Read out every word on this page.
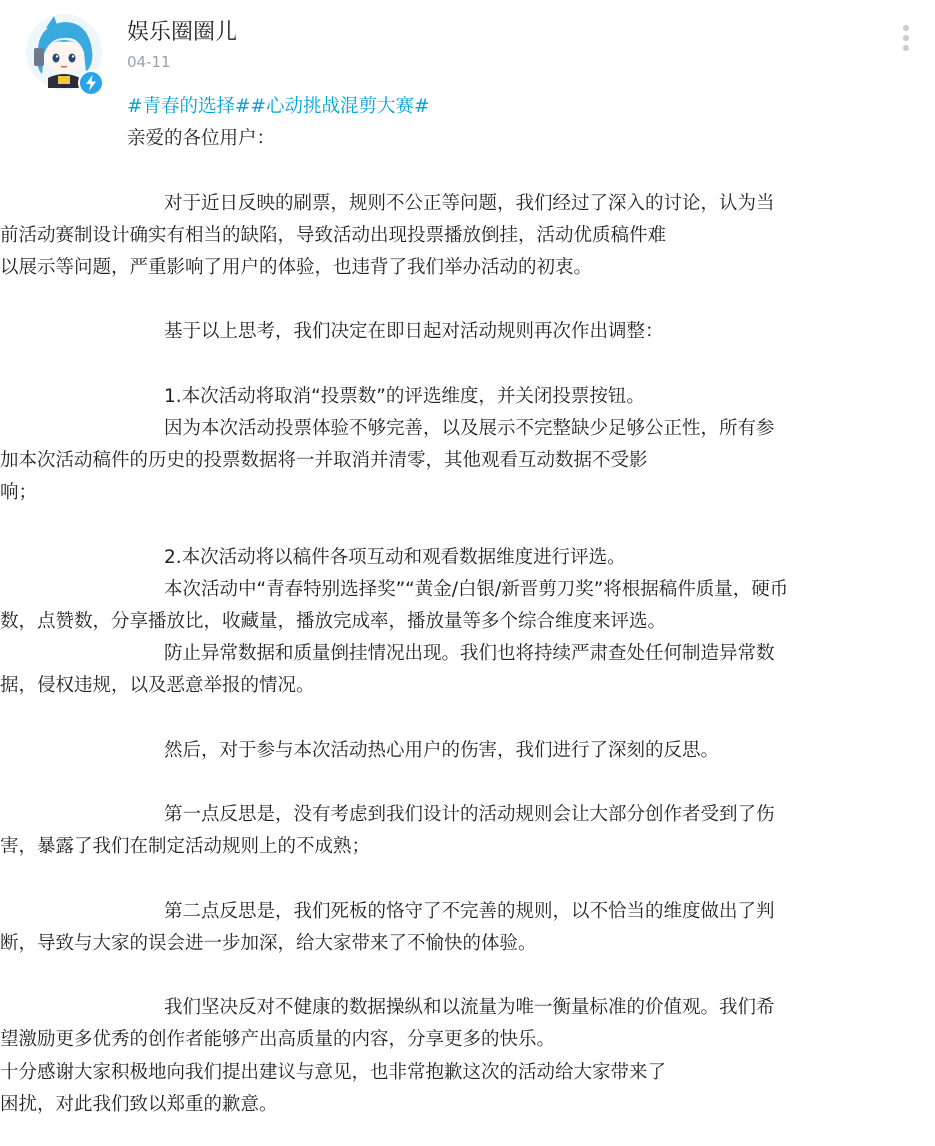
娱乐圈圈儿
04-11
#青春的选择##心动挑战混剪大赛#
亲爱的各位用户：
对于近日反映的刷票，规则不公正等问题，我们经过了深入的讨论，认为当
前活动赛制设计确实有相当的缺陷，导致活动出现投票播放倒挂，活动优质稿件难
以展示等问题，严重影响了用户的体验，也违背了我们举办活动的初衷。
基于以上思考，我们决定在即日起对活动规则再次作出调整：
1.本次活动将取消“投票数”的评选维度，并关闭投票按钮。
因为本次活动投票体验不够完善，以及展示不完整缺少足够公正性，所有参
加本次活动稿件的历史的投票数据将一并取消并清零，其他观看互动数据不受影
响；
2.本次活动将以稿件各项互动和观看数据维度进行评选。
本次活动中“青春特别选择奖”“黄金/白银/新晋剪刀奖”将根据稿件质量，硬币
数，点赞数，分享播放比，收藏量，播放完成率，播放量等多个综合维度来评选。
防止异常数据和质量倒挂情况出现。我们也将持续严肃查处任何制造异常数
据，侵权违规，以及恶意举报的情况。
然后，对于参与本次活动热心用户的伤害，我们进行了深刻的反思。
第一点反思是，没有考虑到我们设计的活动规则会让大部分创作者受到了伤
害，暴露了我们在制定活动规则上的不成熟；
第二点反思是，我们死板的恪守了不完善的规则，以不恰当的维度做出了判
断，导致与大家的误会进一步加深，给大家带来了不愉快的体验。
我们坚决反对不健康的数据操纵和以流量为唯一衡量标准的价值观。我们希
望激励更多优秀的创作者能够产出高质量的内容，分享更多的快乐。
十分感谢大家积极地向我们提出建议与意见，也非常抱歉这次的活动给大家带来了
困扰，对此我们致以郑重的歉意。
